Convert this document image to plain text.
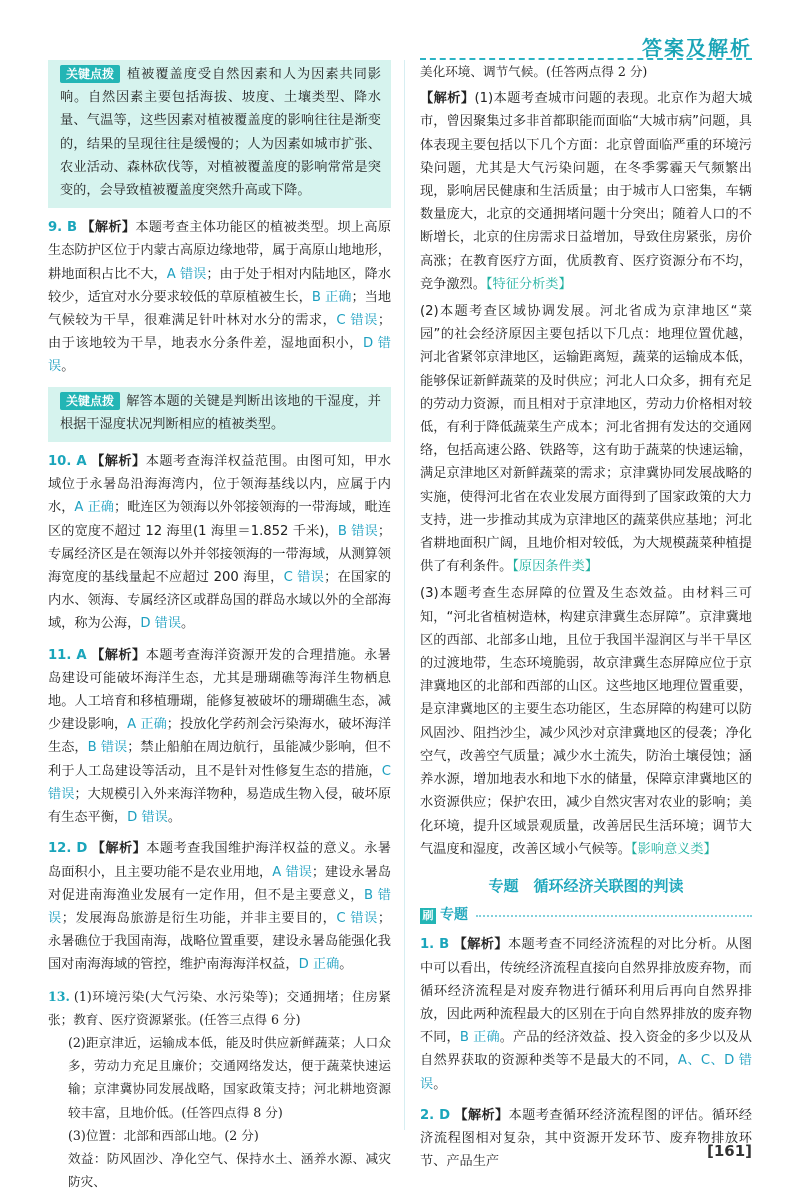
答案及解析

关键点拨 植被覆盖度受自然因素和人为因素共同影响。自然因素主要包括海拔、坡度、土壤类型、降水量、气温等，这些因素对植被覆盖度的影响往往是渐变的，结果的呈现往往是缓慢的；人为因素如城市扩张、农业活动、森林砍伐等，对植被覆盖度的影响常常是突变的，会导致植被覆盖度突然升高或下降。

9. B 【解析】本题考查主体功能区的植被类型。坝上高原生态防护区位于内蒙古高原边缘地带，属于高原山地地形，耕地面积占比不大，A 错误；由于处于相对内陆地区，降水较少，适宜对水分要求较低的草原植被生长，B 正确；当地气候较为干旱，很难满足针叶林对水分的需求，C 错误；由于该地较为干旱，地表水分条件差，湿地面积小，D 错误。

关键点拨 解答本题的关键是判断出该地的干湿度，并根据干湿度状况判断相应的植被类型。

10. A 【解析】本题考查海洋权益范围。由图可知，甲水域位于永暑岛沿海海湾内，位于领海基线以内，应属于内水，A 正确；毗连区为领海以外邻接领海的一带海域，毗连区的宽度不超过 12 海里(1 海里＝1.852 千米)，B 错误；专属经济区是在领海以外并邻接领海的一带海域，从测算领海宽度的基线量起不应超过 200 海里，C 错误；在国家的内水、领海、专属经济区或群岛国的群岛水域以外的全部海域，称为公海，D 错误。

11. A 【解析】本题考查海洋资源开发的合理措施。永暑岛建设可能破坏海洋生态，尤其是珊瑚礁等海洋生物栖息地。人工培育和移植珊瑚，能修复被破坏的珊瑚礁生态，减少建设影响，A 正确；投放化学药剂会污染海水，破坏海洋生态，B 错误；禁止船舶在周边航行，虽能减少影响，但不利于人工岛建设等活动，且不是针对性修复生态的措施，C 错误；大规模引入外来海洋物种，易造成生物入侵，破坏原有生态平衡，D 错误。

12. D 【解析】本题考查我国维护海洋权益的意义。永暑岛面积小，且主要功能不是农业用地，A 错误；建设永暑岛对促进南海渔业发展有一定作用，但不是主要意义，B 错误；发展海岛旅游是衍生功能，并非主要目的，C 错误；永暑礁位于我国南海，战略位置重要，建设永暑岛能强化我国对南海海域的管控，维护南海海洋权益，D 正确。

13. (1)环境污染(大气污染、水污染等)；交通拥堵；住房紧张；教育、医疗资源紧张。(任答三点得 6 分)

(2)距京津近，运输成本低，能及时供应新鲜蔬菜；人口众多，劳动力充足且廉价；交通网络发达，便于蔬菜快速运输；京津冀协同发展战略，国家政策支持；河北耕地资源较丰富，且地价低。(任答四点得 8 分)

(3)位置：北部和西部山地。(2 分)

效益：防风固沙、净化空气、保持水土、涵养水源、减灾防灾、

美化环境、调节气候。(任答两点得 2 分)

【解析】(1)本题考查城市问题的表现。北京作为超大城市，曾因聚集过多非首都职能而面临“大城市病”问题，具体表现主要包括以下几个方面：北京曾面临严重的环境污染问题，尤其是大气污染问题，在冬季雾霾天气频繁出现，影响居民健康和生活质量；由于城市人口密集，车辆数量庞大，北京的交通拥堵问题十分突出；随着人口的不断增长，北京的住房需求日益增加，导致住房紧张，房价高涨；在教育医疗方面，优质教育、医疗资源分布不均，竞争激烈。【特征分析类】

(2)本题考查区域协调发展。河北省成为京津地区“菜园”的社会经济原因主要包括以下几点：地理位置优越，河北省紧邻京津地区，运输距离短，蔬菜的运输成本低，能够保证新鲜蔬菜的及时供应；河北人口众多，拥有充足的劳动力资源，而且相对于京津地区，劳动力价格相对较低，有利于降低蔬菜生产成本；河北省拥有发达的交通网络，包括高速公路、铁路等，这有助于蔬菜的快速运输，满足京津地区对新鲜蔬菜的需求；京津冀协同发展战略的实施，使得河北省在农业发展方面得到了国家政策的大力支持，进一步推动其成为京津地区的蔬菜供应基地；河北省耕地面积广阔，且地价相对较低，为大规模蔬菜种植提供了有利条件。【原因条件类】

(3)本题考查生态屏障的位置及生态效益。由材料三可知，“河北省植树造林，构建京津冀生态屏障”。京津冀地区的西部、北部多山地，且位于我国半湿润区与半干旱区的过渡地带，生态环境脆弱，故京津冀生态屏障应位于京津冀地区的北部和西部的山区。这些地区地理位置重要，是京津冀地区的主要生态功能区，生态屏障的构建可以防风固沙、阻挡沙尘，减少风沙对京津冀地区的侵袭；净化空气，改善空气质量；减少水土流失，防治土壤侵蚀；涵养水源，增加地表水和地下水的储量，保障京津冀地区的水资源供应；保护农田，减少自然灾害对农业的影响；美化环境，提升区域景观质量，改善居民生活环境；调节大气温度和湿度，改善区域小气候等。【影响意义类】

专题　循环经济关联图的判读
刷 专题

1. B 【解析】本题考查不同经济流程的对比分析。从图中可以看出，传统经济流程直接向自然界排放废弃物，而循环经济流程是对废弃物进行循环利用后再向自然界排放，因此两种流程最大的区别在于向自然界排放的废弃物不同，B 正确。产品的经济效益、投入资金的多少以及从自然界获取的资源种类等不是最大的不同，A、C、D 错误。

2. D 【解析】本题考查循环经济流程图的评估。循环经济流程图相对复杂，其中资源开发环节、废弃物排放环节、产品生产

[161]
